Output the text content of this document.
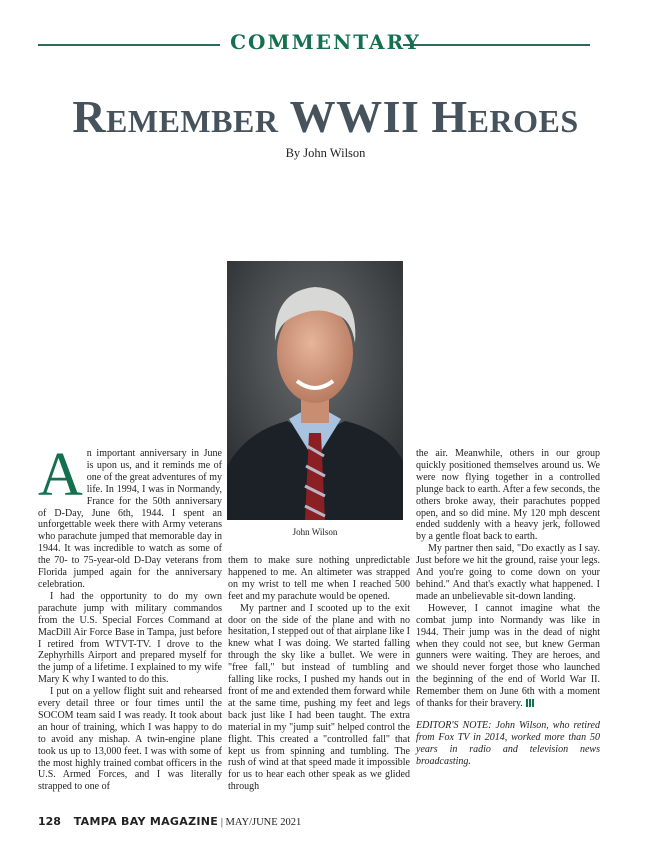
COMMENTARY
Remember WWII Heroes
By John Wilson
John Wilson

An important anniversary in June is upon us, and it reminds me of one of the great adventures of my life. In 1994, I was in Normandy, France for the 50th anniversary of D-Day, June 6th, 1944. I spent an unforgettable week there with Army veterans who parachute jumped that memorable day in 1944. It was incredible to watch as some of the 70- to 75-year-old D-Day veterans from Florida jumped again for the anniversary celebration.

I had the opportunity to do my own parachute jump with military commandos from the U.S. Special Forces Command at MacDill Air Force Base in Tampa, just before I retired from WTVT-TV. I drove to the Zephyrhills Airport and prepared myself for the jump of a lifetime. I explained to my wife Mary K why I wanted to do this.

I put on a yellow flight suit and rehearsed every detail three or four times until the SOCOM team said I was ready. It took about an hour of training, which I was happy to do to avoid any mishap. A twin-engine plane took us up to 13,000 feet. I was with some of the most highly trained combat officers in the U.S. Armed Forces, and I was literally strapped to one of

them to make sure nothing unpredictable happened to me. An altimeter was strapped on my wrist to tell me when I reached 500 feet and my parachute would be opened.

My partner and I scooted up to the exit door on the side of the plane and with no hesitation, I stepped out of that airplane like I knew what I was doing. We started falling through the sky like a bullet. We were in "free fall," but instead of tumbling and falling like rocks, I pushed my hands out in front of me and extended them forward while at the same time, pushing my feet and legs back just like I had been taught. The extra material in my "jump suit" helped control the flight. This created a "controlled fall" that kept us from spinning and tumbling. The rush of wind at that speed made it impossible for us to hear each other speak as we glided through

the air. Meanwhile, others in our group quickly positioned themselves around us. We were now flying together in a controlled plunge back to earth. After a few seconds, the others broke away, their parachutes popped open, and so did mine. My 120 mph descent ended suddenly with a heavy jerk, followed by a gentle float back to earth.

My partner then said, "Do exactly as I say. Just before we hit the ground, raise your legs. And you're going to come down on your behind." And that's exactly what happened. I made an unbelievable sit-down landing.

However, I cannot imagine what the combat jump into Normandy was like in 1944. Their jump was in the dead of night when they could not see, but knew German gunners were waiting. They are heroes, and we should never forget those who launched the beginning of the end of World War II. Remember them on June 6th with a moment of thanks for their bravery.

EDITOR'S NOTE: John Wilson, who retired from Fox TV in 2014, worked more than 50 years in radio and television news broadcasting.

128 TAMPA BAY MAGAZINE | MAY/JUNE 2021
